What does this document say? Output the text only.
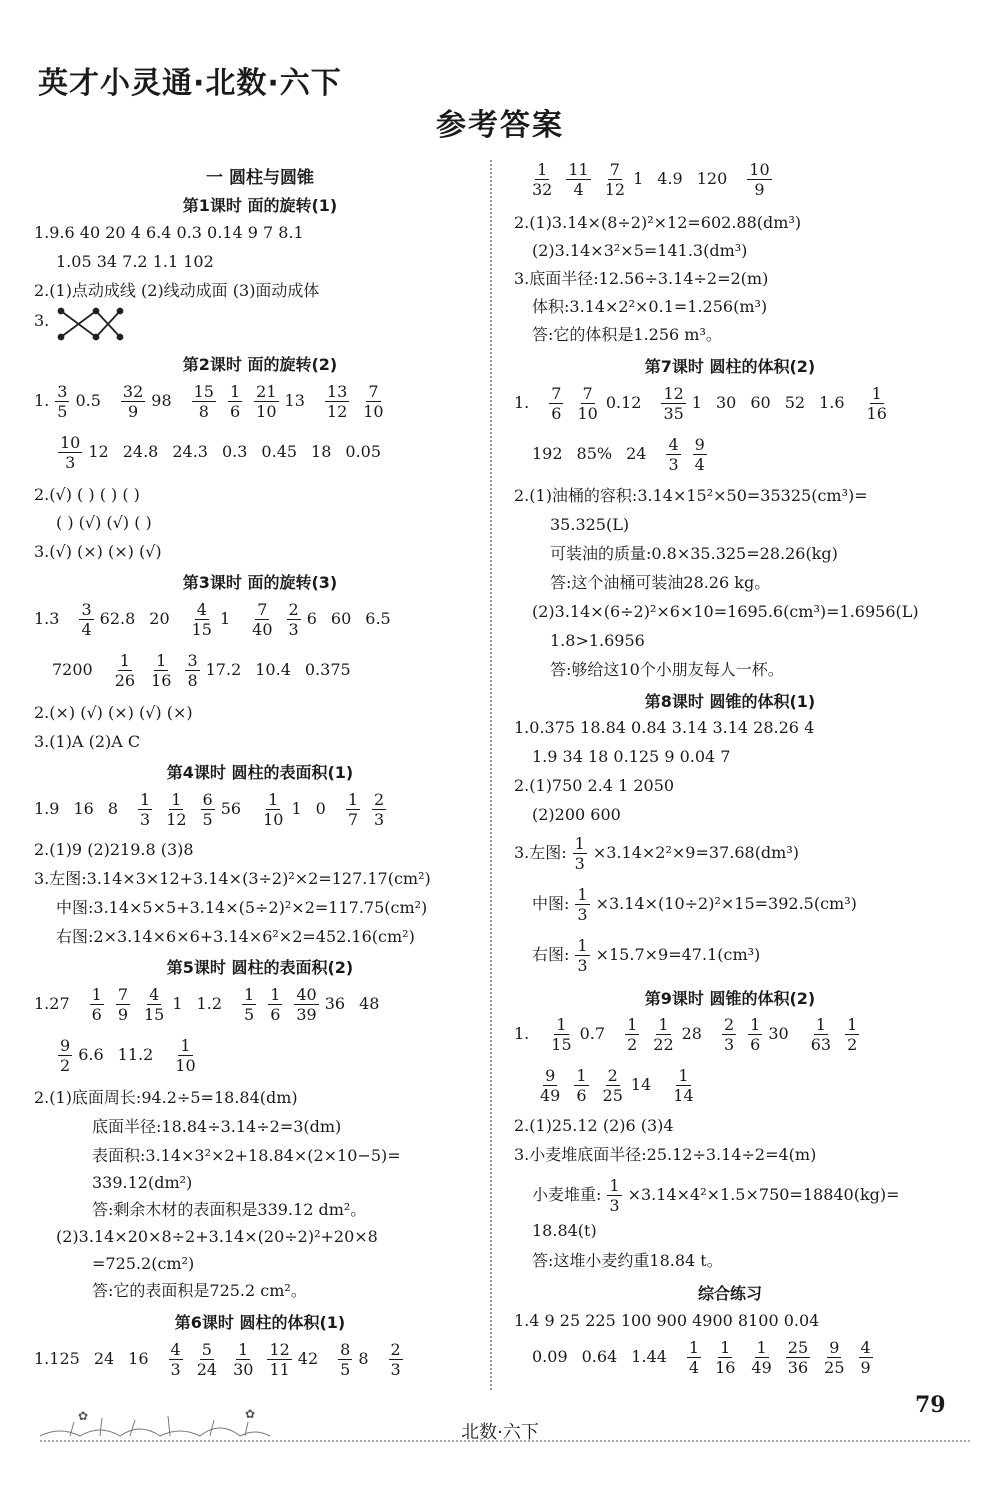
英才小灵通·北数·六下
参考答案
一 圆柱与圆锥
第1课时 面的旋转(1)
1.9.6 40 20 4 6.4 0.3 0.14 9 7 8.1
1.05 34 7.2 1.1 102
2.(1)点动成线 (2)线动成面 (3)面动成体
3.
第2课时 面的旋转(2)
1. $\frac{3}{5} 0.5 \frac{32}{9} 98 \frac{15}{8} \frac{1}{6} \frac{21}{10} 13 \frac{13}{12} \frac{7}{10}$
$\frac{10}{3} 12$ 24.8 24.3 0.3 0.45 18 0.05
2.(√) ( ) ( ) ( )
( ) (√) (√) ( )
3.(√) (×) (×) (√)
第3课时 面的旋转(3)
$1.3 \frac{3}{4} 62.8$ $20 \frac{4}{15} 1 \frac{7}{40} \frac{2}{3} 6$ 60 6.5
$7200 \frac{1}{26} \frac{1}{16} \frac{3}{8} 17.2$ 10.4 0.375
2.(×) (√) (×) (√) (×)
3.(1)A (2)A C
第4课时 圆柱的表面积(1)
1.9 16 $8 \frac{1}{3} \frac{1}{12} \frac{6}{5} 56 \frac{1}{10} 1$ $0 \frac{1}{7} \frac{2}{3}$
2.(1)9 (2)219.8 (3)8
3.左图:3.14×3×12+3.14×(3÷2)²×2=127.17(cm²)
中图:3.14×5×5+3.14×(5÷2)²×2=117.75(cm²)
右图:2×3.14×6×6+3.14×6²×2=452.16(cm²)
第5课时 圆柱的表面积(2)
$1.27 \frac{1}{6} \frac{7}{9} \frac{4}{15} 1$ $1.2 \frac{1}{5} \frac{1}{6} \frac{40}{39} 36$ 48
$\frac{9}{2} 6.6$ $11.2 \frac{1}{10}$
2.(1)底面周长:94.2÷5=18.84(dm)
底面半径:18.84÷3.14÷2=3(dm)
表面积:3.14×3²×2+18.84×(2×10−5)=
339.12(dm²)
答:剩余木材的表面积是339.12 dm²。
(2)3.14×20×8÷2+3.14×(20÷2)²+20×8
=725.2(cm²)
答:它的表面积是725.2 cm²。
第6课时 圆柱的体积(1)
1.125 24 $16 \frac{4}{3} \frac{5}{24} \frac{1}{30} \frac{12}{11} 42 \frac{8}{5} 8 \frac{2}{3}$
$\frac{1}{32} \frac{11}{4} \frac{7}{12} 1$ 4.9 $120 \frac{10}{9}$
2.(1)3.14×(8÷2)²×12=602.88(dm³)
(2)3.14×3²×5=141.3(dm³)
3.底面半径:12.56÷3.14÷2=2(m)
体积:3.14×2²×0.1=1.256(m³)
答:它的体积是1.256 m³。
第7课时 圆柱的体积(2)
1. $\frac{7}{6} \frac{7}{10} 0.12 \frac{12}{35} 1$ 30 60 52 $1.6 \frac{1}{16}$
192 85% $24 \frac{4}{3} \frac{9}{4}$
2.(1)油桶的容积:3.14×15²×50=35325(cm³)=
35.325(L)
可装油的质量:0.8×35.325=28.26(kg)
答:这个油桶可装油28.26 kg。
(2)3.14×(6÷2)²×6×10=1695.6(cm³)=1.6956(L)
1.8>1.6956
答:够给这10个小朋友每人一杯。
第8课时 圆锥的体积(1)
1.0.375 18.84 0.84 3.14 3.14 28.26 4
1.9 34 18 0.125 9 0.04 7
2.(1)750 2.4 1 2050
(2)200 600
3.左图: $\frac{1}{3} \times 3.14\times 2^2\times 9=37.68(dm^3)$
中图: $\frac{1}{3} \times 3.14\times(10\div 2)^2\times 15=392.5(cm^3)$
右图: $\frac{1}{3} \times 15.7\times 9=47.1(cm^3)$
第9课时 圆锥的体积(2)
1. $\frac{1}{15} 0.7 \frac{1}{2} \frac{1}{22} 28 \frac{2}{3} \frac{1}{6} 30 \frac{1}{63} \frac{1}{2}$
$\frac{9}{49} \frac{1}{6} \frac{2}{25} 14 \frac{1}{14}$
2.(1)25.12 (2)6 (3)4
3.小麦堆底面半径:25.12÷3.14÷2=4(m)
小麦堆重: $\frac{1}{3} \times 3.14\times 4^2\times 1.5\times 750=18840(kg)=$
18.84(t)
答:这堆小麦约重18.84 t。
综合练习
1.4 9 25 225 100 900 4900 8100 0.04
0.09 0.64 $1.44 \frac{1}{4} \frac{1}{16} \frac{1}{49} \frac{25}{36} \frac{9}{25} \frac{4}{9}$
✿	✿
北数·六下
79
